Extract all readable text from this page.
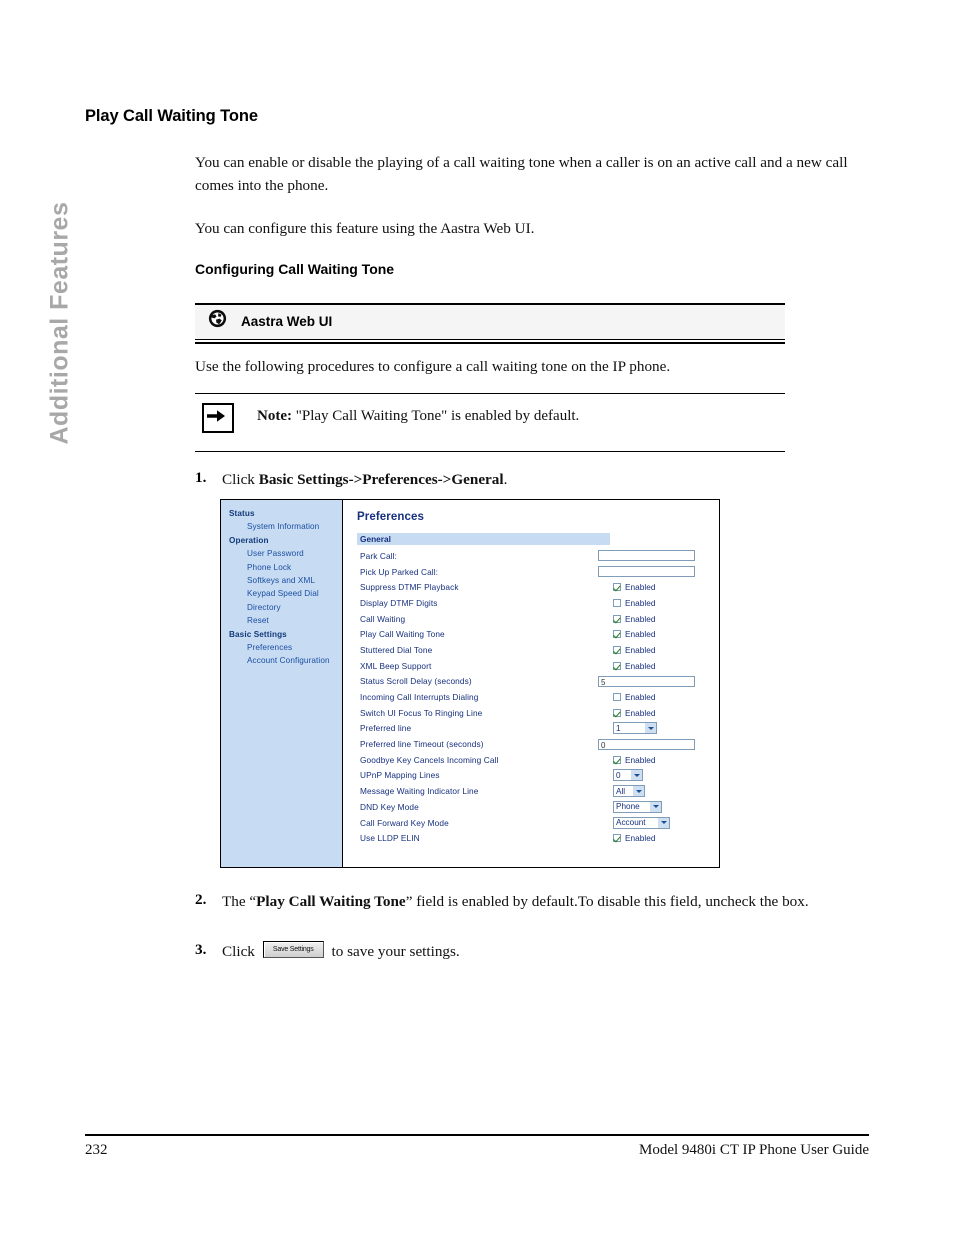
Additional Features
Play Call Waiting Tone
You can enable or disable the playing of a call waiting tone when a caller is on an active call and a new call comes into the phone.
You can configure this feature using the Aastra Web UI.
Configuring Call Waiting Tone
Aastra Web UI
Use the following procedures to configure a call waiting tone on the IP phone.
Note: "Play Call Waiting Tone" is enabled by default.
1. Click Basic Settings->Preferences->General.
Status
System Information
Operation
User Password
Phone Lock
Softkeys and XML
Keypad Speed Dial
Directory
Reset
Basic Settings
Preferences
Account Configuration
Preferences
General
Park Call:
Pick Up Parked Call:
Suppress DTMF Playback	Enabled
Display DTMF Digits	Enabled
Call Waiting	Enabled
Play Call Waiting Tone	Enabled
Stuttered Dial Tone	Enabled
XML Beep Support	Enabled
Status Scroll Delay (seconds)	5
Incoming Call Interrupts Dialing	Enabled
Switch UI Focus To Ringing Line	Enabled
Preferred line	1
Preferred line Timeout (seconds)	0
Goodbye Key Cancels Incoming Call	Enabled
UPnP Mapping Lines	0
Message Waiting Indicator Line	All
DND Key Mode	Phone
Call Forward Key Mode	Account
Use LLDP ELIN	Enabled
2. The “Play Call Waiting Tone” field is enabled by default.To disable this field, uncheck the box.
3. Click Save Settings to save your settings.
232	Model 9480i CT IP Phone User Guide
